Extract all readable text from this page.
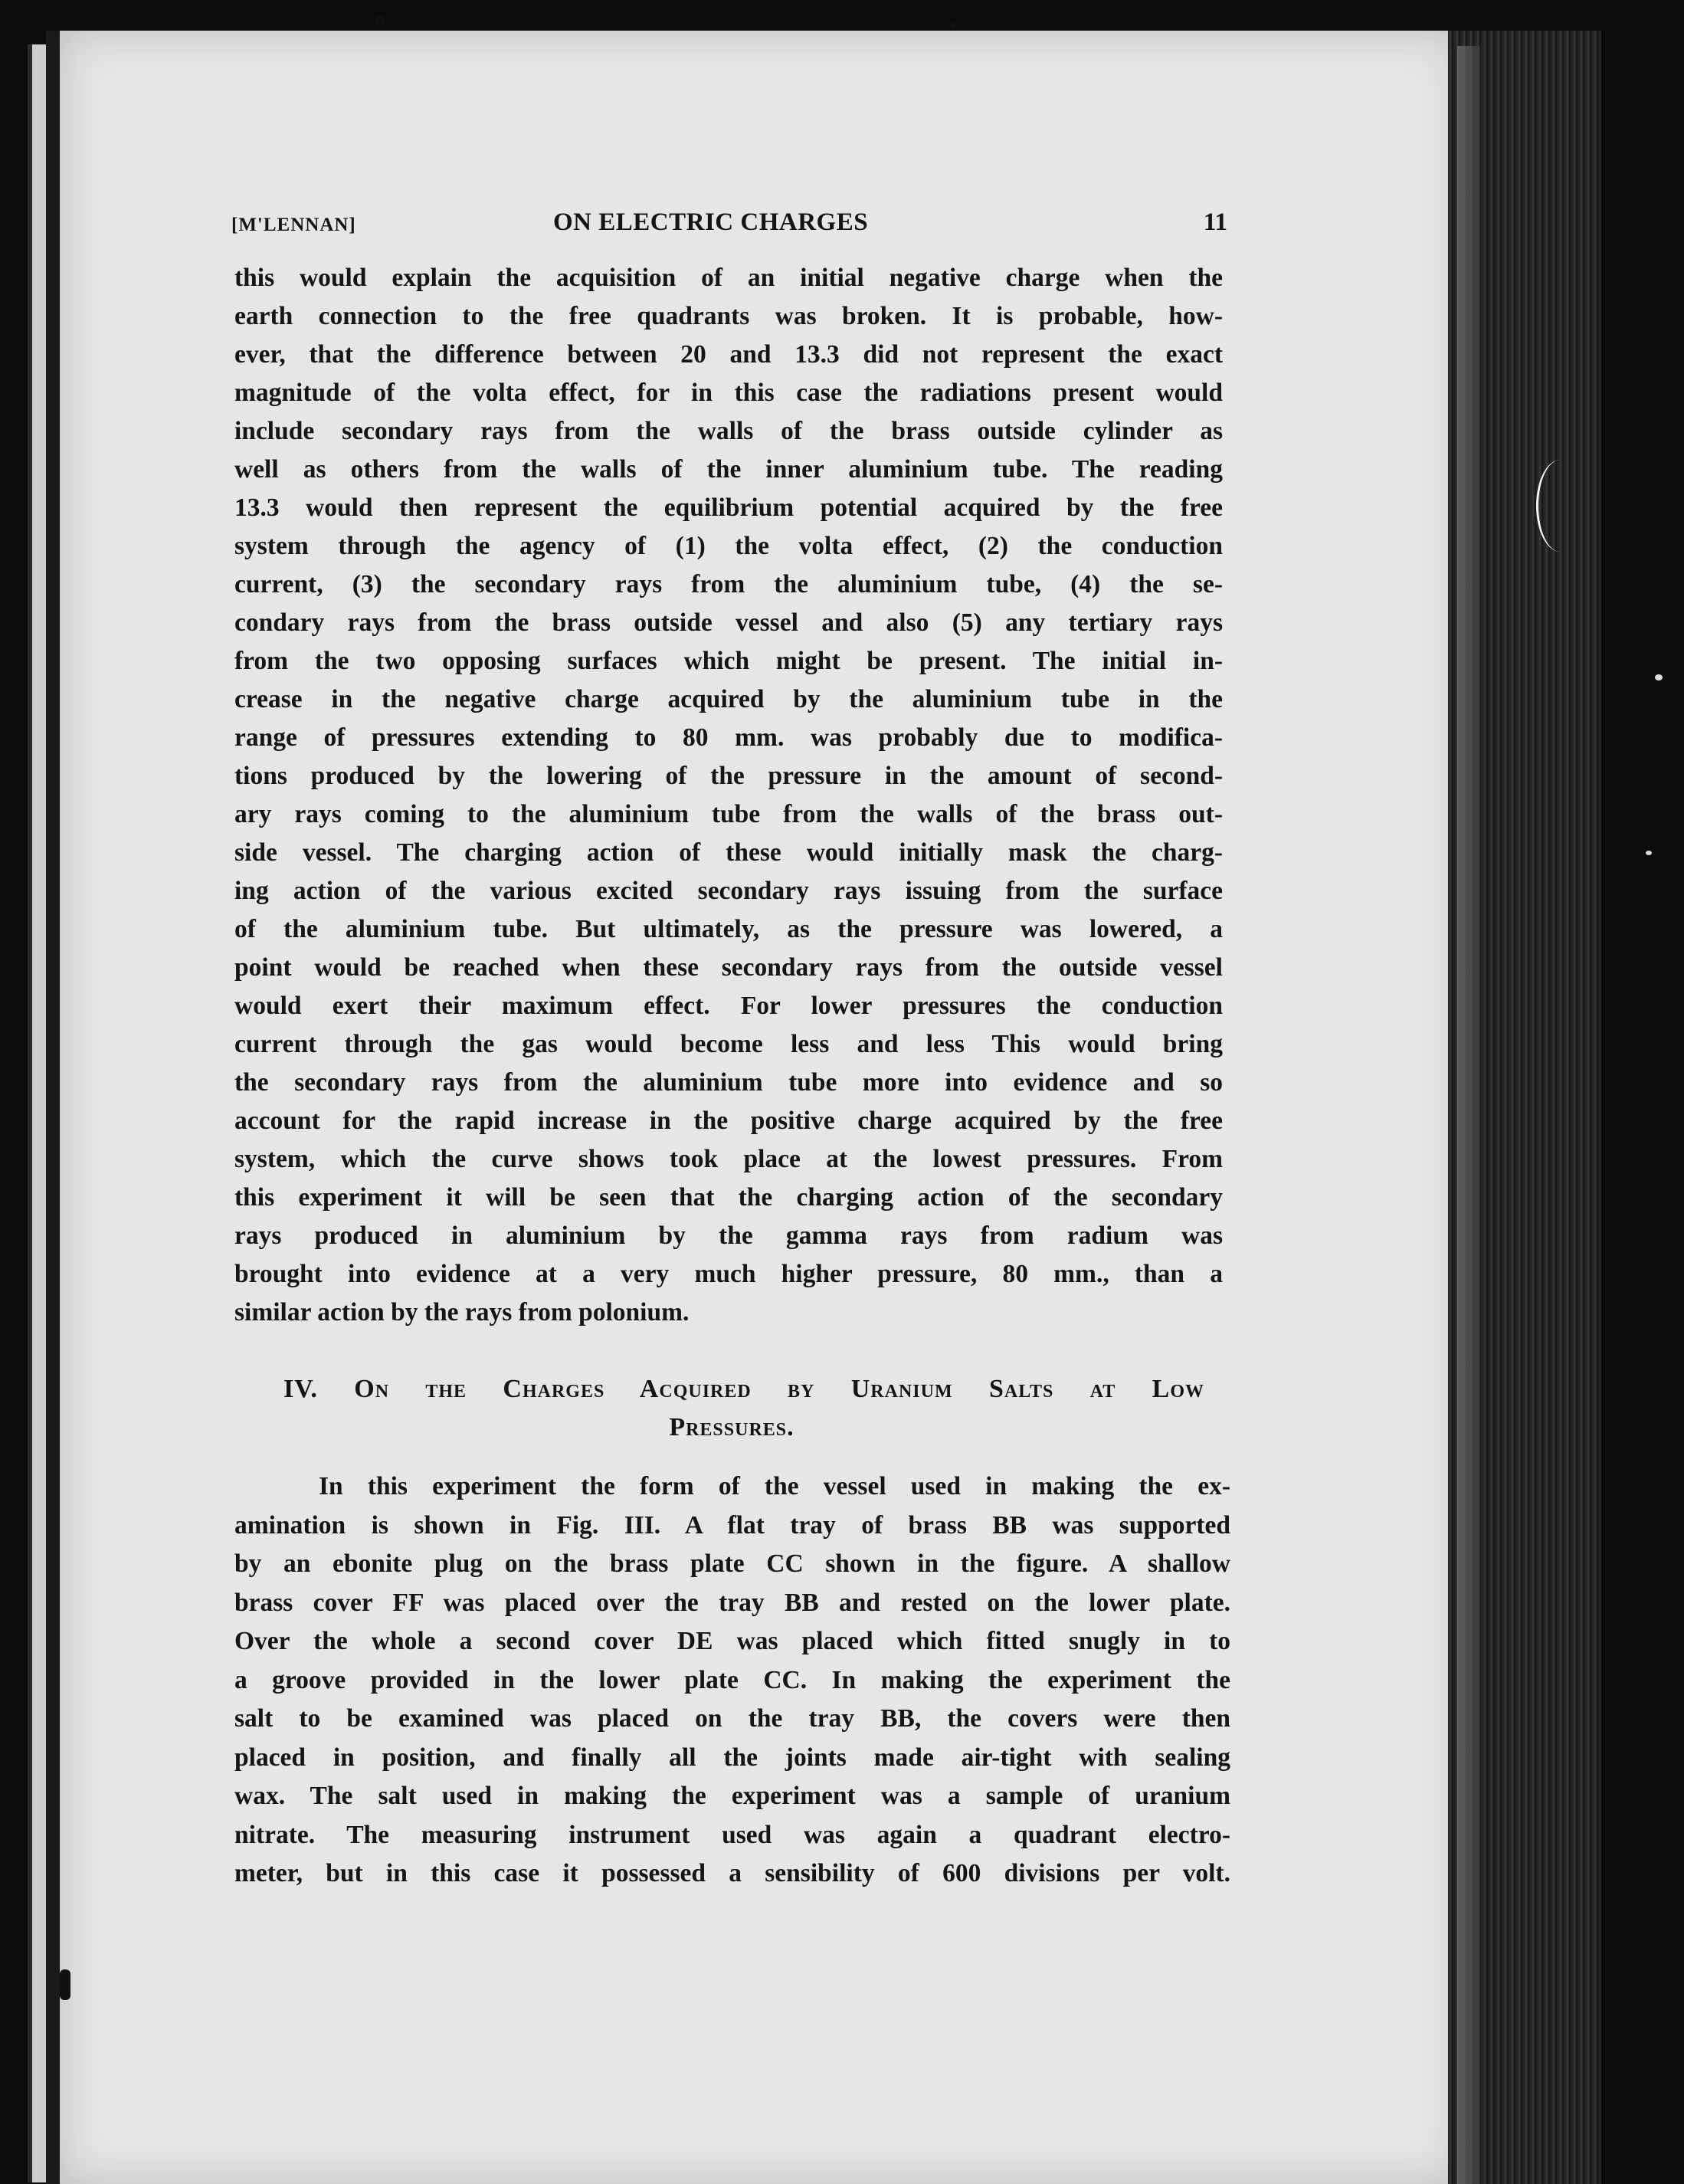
[M'LENNAN]	ON ELECTRIC CHARGES	11
this would explain the acquisition of an initial negative charge when the
earth connection to the free quadrants was broken. It is probable, how-
ever, that the difference between 20 and 13.3 did not represent the exact
magnitude of the volta effect, for in this case the radiations present would
include secondary rays from the walls of the brass outside cylinder as
well as others from the walls of the inner aluminium tube. The reading
13.3 would then represent the equilibrium potential acquired by the free
system through the agency of (1) the volta effect, (2) the conduction
current, (3) the secondary rays from the aluminium tube, (4) the se-
condary rays from the brass outside vessel and also (5) any tertiary rays
from the two opposing surfaces which might be present. The initial in-
crease in the negative charge acquired by the aluminium tube in the
range of pressures extending to 80 mm. was probably due to modifica-
tions produced by the lowering of the pressure in the amount of second-
ary rays coming to the aluminium tube from the walls of the brass out-
side vessel. The charging action of these would initially mask the charg-
ing action of the various excited secondary rays issuing from the surface
of the aluminium tube. But ultimately, as the pressure was lowered, a
point would be reached when these secondary rays from the outside vessel
would exert their maximum effect. For lower pressures the conduction
current through the gas would become less and less This would bring
the secondary rays from the aluminium tube more into evidence and so
account for the rapid increase in the positive charge acquired by the free
system, which the curve shows took place at the lowest pressures. From
this experiment it will be seen that the charging action of the secondary
rays produced in aluminium by the gamma rays from radium was
brought into evidence at a very much higher pressure, 80 mm., than a
similar action by the rays from polonium.
IV. On the Charges Acquired by Uranium Salts at Low
Pressures.
In this experiment the form of the vessel used in making the ex-
amination is shown in Fig. III. A flat tray of brass BB was supported
by an ebonite plug on the brass plate CC shown in the figure. A shallow
brass cover FF was placed over the tray BB and rested on the lower plate.
Over the whole a second cover DE was placed which fitted snugly in to
a groove provided in the lower plate CC. In making the experiment the
salt to be examined was placed on the tray BB, the covers were then
placed in position, and finally all the joints made air-tight with sealing
wax. The salt used in making the experiment was a sample of uranium
nitrate. The measuring instrument used was again a quadrant electro-
meter, but in this case it possessed a sensibility of 600 divisions per volt.
